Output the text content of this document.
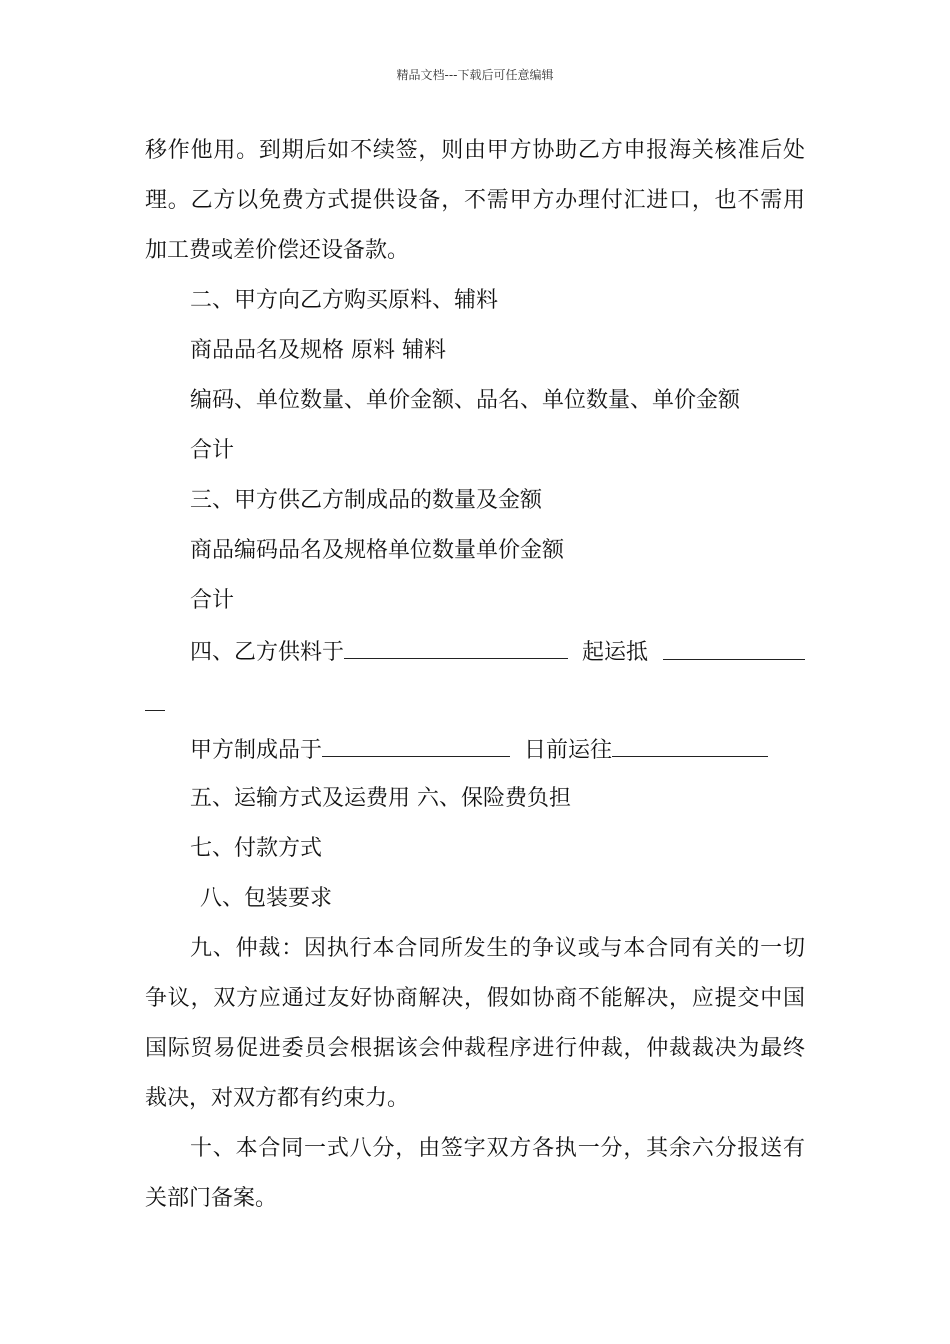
精品文档---下载后可任意编辑
移作他用。到期后如不续签，则由甲方协助乙方申报海关核准后处
理。乙方以免费方式提供设备，不需甲方办理付汇进口，也不需用
加工费或差价偿还设备款。
二、甲方向乙方购买原料、辅料
商品品名及规格 原料 辅料
编码、单位数量、单价金额、品名、单位数量、单价金额
合计
三、甲方供乙方制成品的数量及金额
商品编码品名及规格单位数量单价金额
合计
四、乙方供料于	起运抵
甲方制成品于	日前运往
五、运输方式及运费用 六、保险费负担
七、付款方式
八、包装要求
九、仲裁：因执行本合同所发生的争议或与本合同有关的一切
争议，双方应通过友好协商解决，假如协商不能解决，应提交中国
国际贸易促进委员会根据该会仲裁程序进行仲裁，仲裁裁决为最终
裁决，对双方都有约束力。
十、本合同一式八分，由签字双方各执一分，其余六分报送有
关部门备案。
